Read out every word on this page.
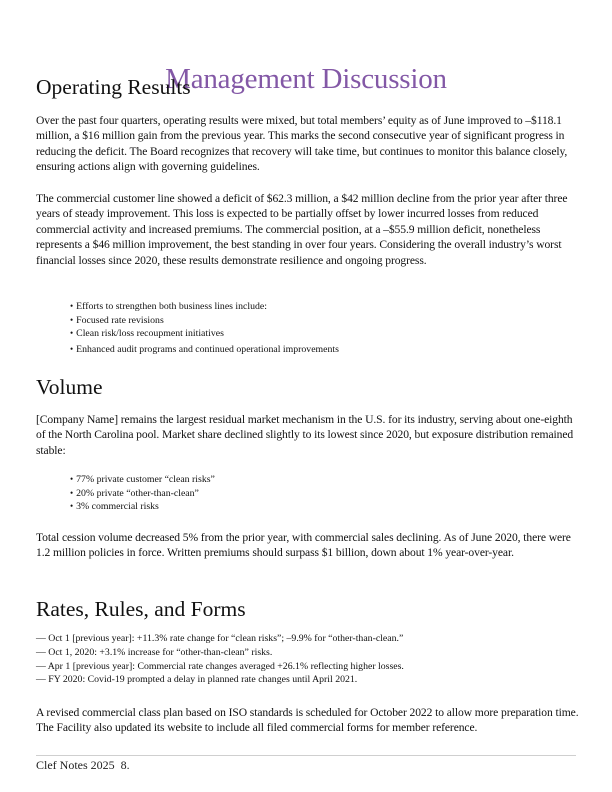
Management Discussion
Operating Results

Over the past four quarters, operating results were mixed, but total members’ equity as of June improved to –$118.1 million, a $16 million gain from the previous year. This marks the second consecutive year of significant progress in reducing the deficit. The Board recognizes that recovery will take time, but continues to monitor this balance closely, ensuring actions align with governing guidelines.

The commercial customer line showed a deficit of $62.3 million, a $42 million decline from the prior year after three years of steady improvement. This loss is expected to be partially offset by lower incurred losses from reduced commercial activity and increased premiums. The commercial position, at a –$55.9 million deficit, nonetheless represents a $46 million improvement, the best standing in over four years. Considering the overall industry’s worst financial losses since 2020, these results demonstrate resilience and ongoing progress.

• Efforts to strengthen both business lines include:
• Focused rate revisions
• Clean risk/loss recoupment initiatives
• Enhanced audit programs and continued operational improvements
Volume

[Company Name] remains the largest residual market mechanism in the U.S. for its industry, serving about one-eighth of the North Carolina pool. Market share declined slightly to its lowest since 2020, but exposure distribution remained stable:

• 77% private customer “clean risks”
• 20% private “other-than-clean”
• 3% commercial risks

Total cession volume decreased 5% from the prior year, with commercial sales declining. As of June 2020, there were 1.2 million policies in force. Written premiums should surpass $1 billion, down about 1% year-over-year.

Rates, Rules, and Forms
— Oct 1 [previous year]: +11.3% rate change for “clean risks”; –9.9% for “other-than-clean.”
— Oct 1, 2020: +3.1% increase for “other-than-clean” risks.
— Apr 1 [previous year]: Commercial rate changes averaged +26.1% reflecting higher losses.
— FY 2020: Covid-19 prompted a delay in planned rate changes until April 2021.

A revised commercial class plan based on ISO standards is scheduled for October 2022 to allow more preparation time. The Facility also updated its website to include all filed commercial forms for member reference.

Clef Notes 2025  8.
